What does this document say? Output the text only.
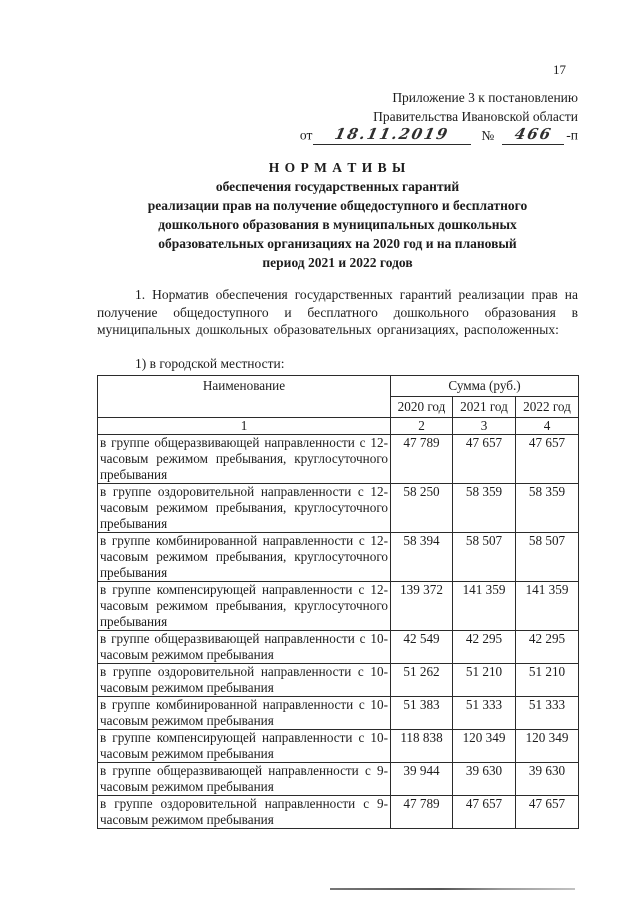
17
Приложение 3 к постановлению
Правительства Ивановской области
от 18.11.2019 № 466 -п
Н О Р М А Т И В Ы
обеспечения государственных гарантий
реализации прав на получение общедоступного и бесплатного
дошкольного образования в муниципальных дошкольных
образовательных организациях на 2020 год и на плановый
период 2021 и 2022 годов

1. Норматив обеспечения государственных гарантий реализации прав на получение общедоступного и бесплатного дошкольного образования в муниципальных дошкольных образовательных организациях, расположенных:

1) в городской местности:
Наименование	Сумма (руб.)		
	2020 год	2021 год	2022 год
1	2	3	4
в группе общеразвивающей направленности с 12-часовым режимом пребывания, круглосуточного пребывания	47 789	47 657	47 657
в группе оздоровительной направленности с 12-часовым режимом пребывания, круглосуточного пребывания	58 250	58 359	58 359
в группе комбинированной направленности с 12-часовым режимом пребывания, круглосуточного пребывания	58 394	58 507	58 507
в группе компенсирующей направленности с 12-часовым режимом пребывания, круглосуточного пребывания	139 372	141 359	141 359
в группе общеразвивающей направленности с 10-часовым режимом пребывания	42 549	42 295	42 295
в группе оздоровительной направленности с 10-часовым режимом пребывания	51 262	51 210	51 210
в группе комбинированной направленности с 10-часовым режимом пребывания	51 383	51 333	51 333
в группе компенсирующей направленности с 10-часовым режимом пребывания	118 838	120 349	120 349
в группе общеразвивающей направленности с 9-часовым режимом пребывания	39 944	39 630	39 630
в группе оздоровительной направленности с 9-часовым режимом пребывания	47 789	47 657	47 657
